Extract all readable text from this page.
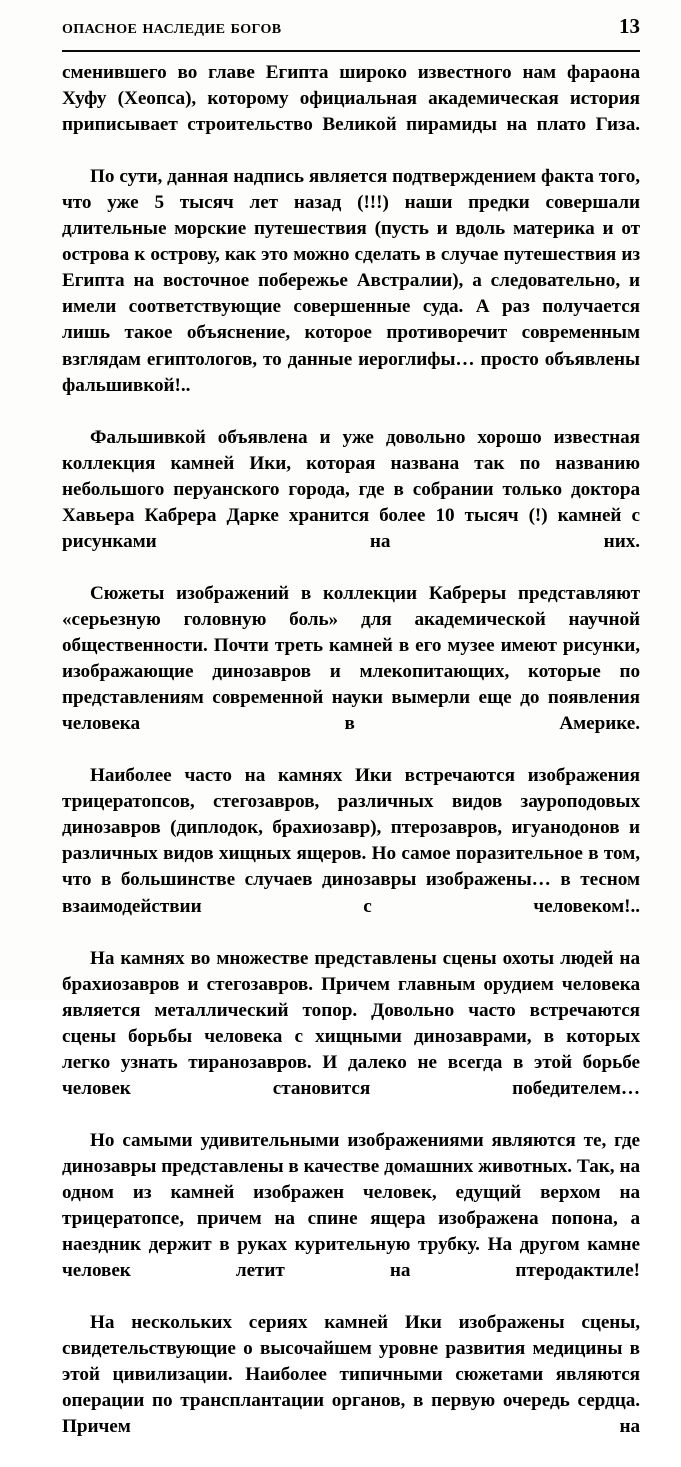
опасное наследие богов	13

сменившего во главе Египта широко известного нам фараона Хуфу (Хеопса), которому официальная академическая история приписывает строительство Великой пирамиды на плато Гиза.

По сути, данная надпись является подтверждением факта того, что уже 5 тысяч лет назад (!!!) наши предки совершали длительные морские путешествия (пусть и вдоль материка и от острова к острову, как это можно сделать в случае путешествия из Египта на восточное побережье Австралии), а следовательно, и имели соответствующие совершенные суда. А раз получается лишь такое объяснение, которое противоречит современным взглядам египтологов, то данные иероглифы… просто объявлены фальшивкой!..

Фальшивкой объявлена и уже довольно хорошо известная коллекция камней Ики, которая названа так по названию небольшого перуанского города, где в собрании только доктора Хавьера Кабрера Дарке хранится более 10 тысяч (!) камней с рисунками на них.

Сюжеты изображений в коллекции Кабреры представляют «серьезную головную боль» для академической научной общественности. Почти треть камней в его музее имеют рисунки, изображающие динозавров и млекопитающих, которые по представлениям современной науки вымерли еще до появления человека в Америке.

Наиболее часто на камнях Ики встречаются изображения трицератопсов, стегозавров, различных видов зауроподовых динозавров (диплодок, брахиозавр), птерозавров, игуанодонов и различных видов хищных ящеров. Но самое поразительное в том, что в большинстве случаев динозавры изображены… в тесном взаимодействии с человеком!..

На камнях во множестве представлены сцены охоты людей на брахиозавров и стегозавров. Причем главным орудием человека является металлический топор. Довольно часто встречаются сцены борьбы человека с хищными динозаврами, в которых легко узнать тиранозавров. И далеко не всегда в этой борьбе человек становится победителем…

Но самыми удивительными изображениями являются те, где динозавры представлены в качестве домашних животных. Так, на одном из камней изображен человек, едущий верхом на трицератопсе, причем на спине ящера изображена попона, а наездник держит в руках курительную трубку. На другом камне человек летит на птеродактиле!

На нескольких сериях камней Ики изображены сцены, свидетельствующие о высочайшем уровне развития медицины в этой цивилизации. Наиболее типичными сюжетами являются операции по трансплантации органов, в первую очередь сердца. Причем на
